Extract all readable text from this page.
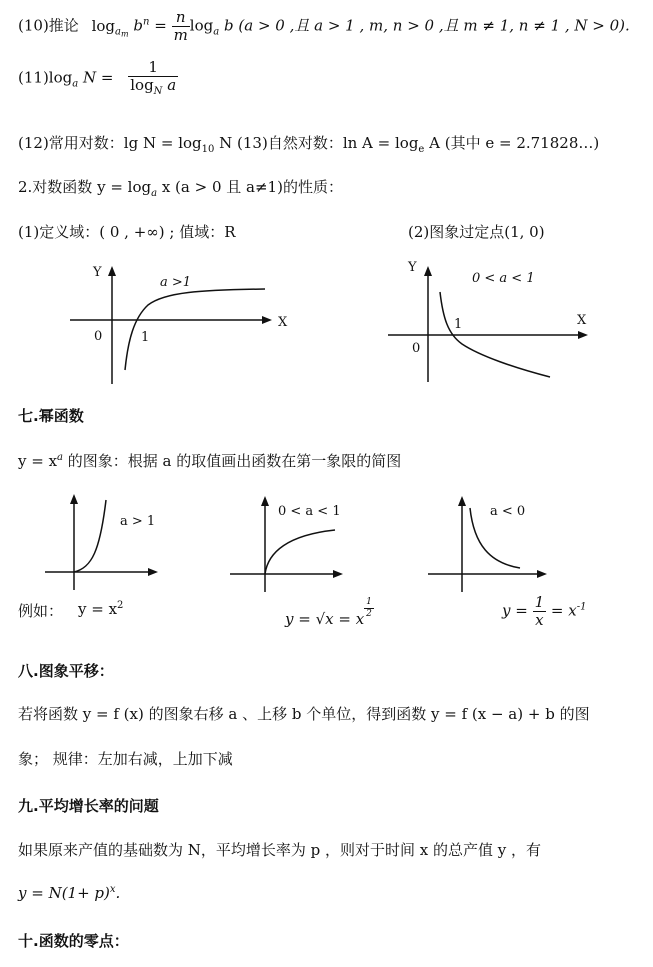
(10)推论 $\log_{am} b^n = \frac{n}{m} \log_a b$ (a > 0 ,且 a > 1 , m, n > 0 ,且 m ≠ 1, n ≠ 1 , N > 0).
$(11)\log_a$ $N = \frac{1}{\log_N a}$
(12)常用对数：$\lg N = \log_{10} N$ (13)自然对数：$\ln A = \log_e A$ (其中 e = 2.71828…)
2.对数函数 $y = \log_a x$ (a > 0 且 a≠1)的性质：
(1)定义域：( 0 , +∞) ; 值域：R	(2)图象过定点(1, 0)
Y
X
0	1
a >1
Y
X
0
1
0 < a < 1
a > 1
0 < a < 1	a < 0
七.幂函数
$y = x^a$ 的图象：根据 a 的取值画出函数在第一象限的简图
例如： $y = x^2$
y = √x = x $\frac{1}{2}$	$y = \frac{1}{x} = x^{-1}$
八.图象平移：
若将函数 y = f (x) 的图象右移 a 、上移 b 个单位，得到函数 y = f (x − a) + b 的图
象； 规律：左加右减，上加下减
九.平均增长率的问题
如果原来产值的基础数为 N，平均增长率为 p ，则对于时间 x 的总产值 y ，有
$y = N(1+ p)^x$.
十.函数的零点：
